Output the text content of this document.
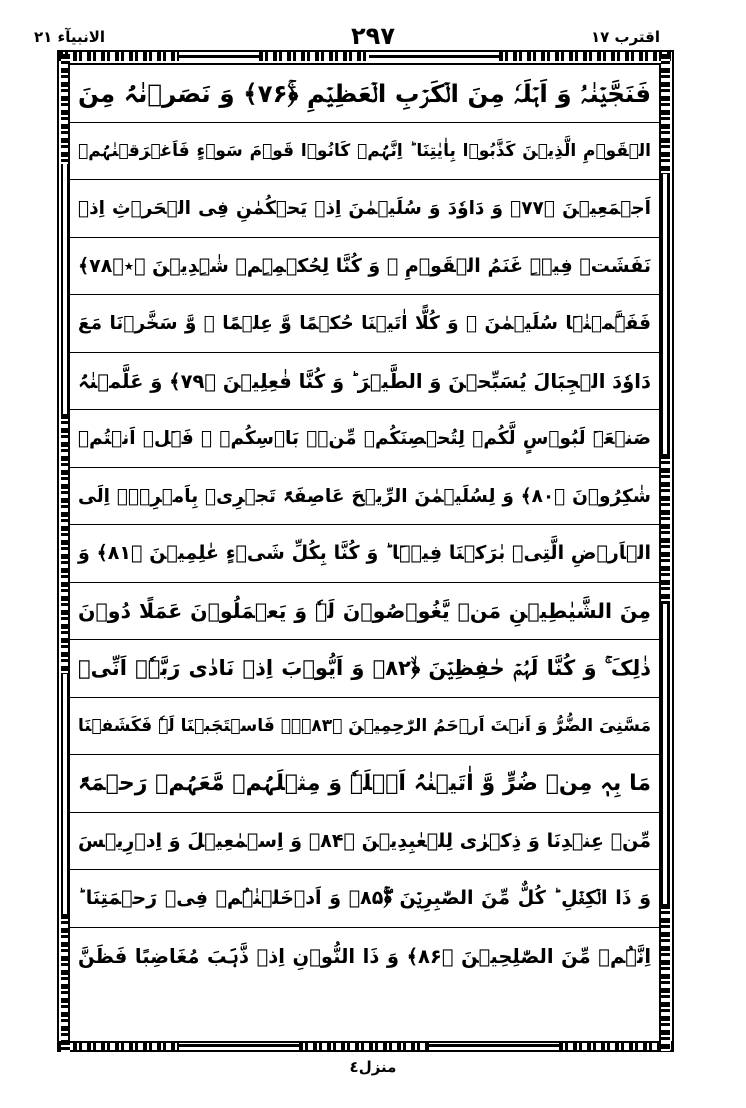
الانبیآء ۲۱	۲۹۷	اقترب ۱۷
فَنَجَّیۡنٰہُ وَ اَہۡلَہٗ مِنَ الۡکَرۡبِ الۡعَظِیۡمِ ﴿ۚ۷۶﴾ وَ نَصَرۡنٰہُ مِنَ
الۡقَوۡمِ الَّذِیۡنَ کَذَّبُوۡا بِاٰیٰتِنَا ؕ اِنَّہُمۡ کَانُوۡا قَوۡمَ سَوۡءٍ فَاَغۡرَقۡنٰہُمۡ
اَجۡمَعِیۡنَ ﴿۷۷﴾ وَ دَاوٗدَ وَ سُلَیۡمٰنَ اِذۡ یَحۡکُمٰنِ فِی الۡحَرۡثِ اِذۡ
نَفَشَتۡ فِیۡہِ غَنَمُ الۡقَوۡمِ ۚ وَ کُنَّا لِحُکۡمِہِمۡ شٰہِدِیۡنَ ﴿٭ۙ۷۸﴾
فَفَہَّمۡنٰہَا سُلَیۡمٰنَ ۚ وَ کُلًّا اٰتَیۡنَا حُکۡمًا وَّ عِلۡمًا ۫ وَّ سَخَّرۡنَا مَعَ
دَاوٗدَ الۡجِبَالَ یُسَبِّحۡنَ وَ الطَّیۡرَ ؕ وَ کُنَّا فٰعِلِیۡنَ ﴿۷۹﴾ وَ عَلَّمۡنٰہُ
صَنۡعَۃَ لَبُوۡسٍ لَّکُمۡ لِتُحۡصِنَکُمۡ مِّنۡۢ بَاۡسِکُمۡ ۚ فَہَلۡ اَنۡتُمۡ
شٰکِرُوۡنَ ﴿۸۰﴾ وَ لِسُلَیۡمٰنَ الرِّیۡحَ عَاصِفَۃً تَجۡرِیۡ بِاَمۡرِہٖۤ اِلَی
الۡاَرۡضِ الَّتِیۡ بٰرَکۡنَا فِیۡہَا ؕ وَ کُنَّا بِکُلِّ شَیۡءٍ عٰلِمِیۡنَ ﴿۸۱﴾ وَ
مِنَ الشَّیٰطِیۡنِ مَنۡ یَّغُوۡصُوۡنَ لَہٗ وَ یَعۡمَلُوۡنَ عَمَلًا دُوۡنَ
ذٰلِکَ ۚ وَ کُنَّا لَہُمۡ حٰفِظِیۡنَ ﴿ۙ۸۲﴾ وَ اَیُّوۡبَ اِذۡ نَادٰی رَبَّہٗۤ اَنِّیۡ
مَسَّنِیَ الضُّرُّ وَ اَنۡتَ اَرۡحَمُ الرّٰحِمِیۡنَ ﴿۸۳﴾ۚۖ فَاسۡتَجَبۡنَا لَہٗ فَکَشَفۡنَا
مَا بِہٖ مِنۡ ضُرٍّ وَّ اٰتَیۡنٰہُ اَہۡلَہٗ وَ مِثۡلَہُمۡ مَّعَہُمۡ رَحۡمَۃً
مِّنۡ عِنۡدِنَا وَ ذِکۡرٰی لِلۡعٰبِدِیۡنَ ﴿۸۴﴾ وَ اِسۡمٰعِیۡلَ وَ اِدۡرِیۡسَ
وَ ذَا الۡکِفۡلِ ؕ کُلٌّ مِّنَ الصّٰبِرِیۡنَ ﴿ۚۖ۸۵﴾ وَ اَدۡخَلۡنٰہُمۡ فِیۡ رَحۡمَتِنَا ؕ
اِنَّہُمۡ مِّنَ الصّٰلِحِیۡنَ ﴿۸۶﴾ وَ ذَا النُّوۡنِ اِذۡ ذَّہَبَ مُغَاضِبًا فَظَنَّ
منزل٤
